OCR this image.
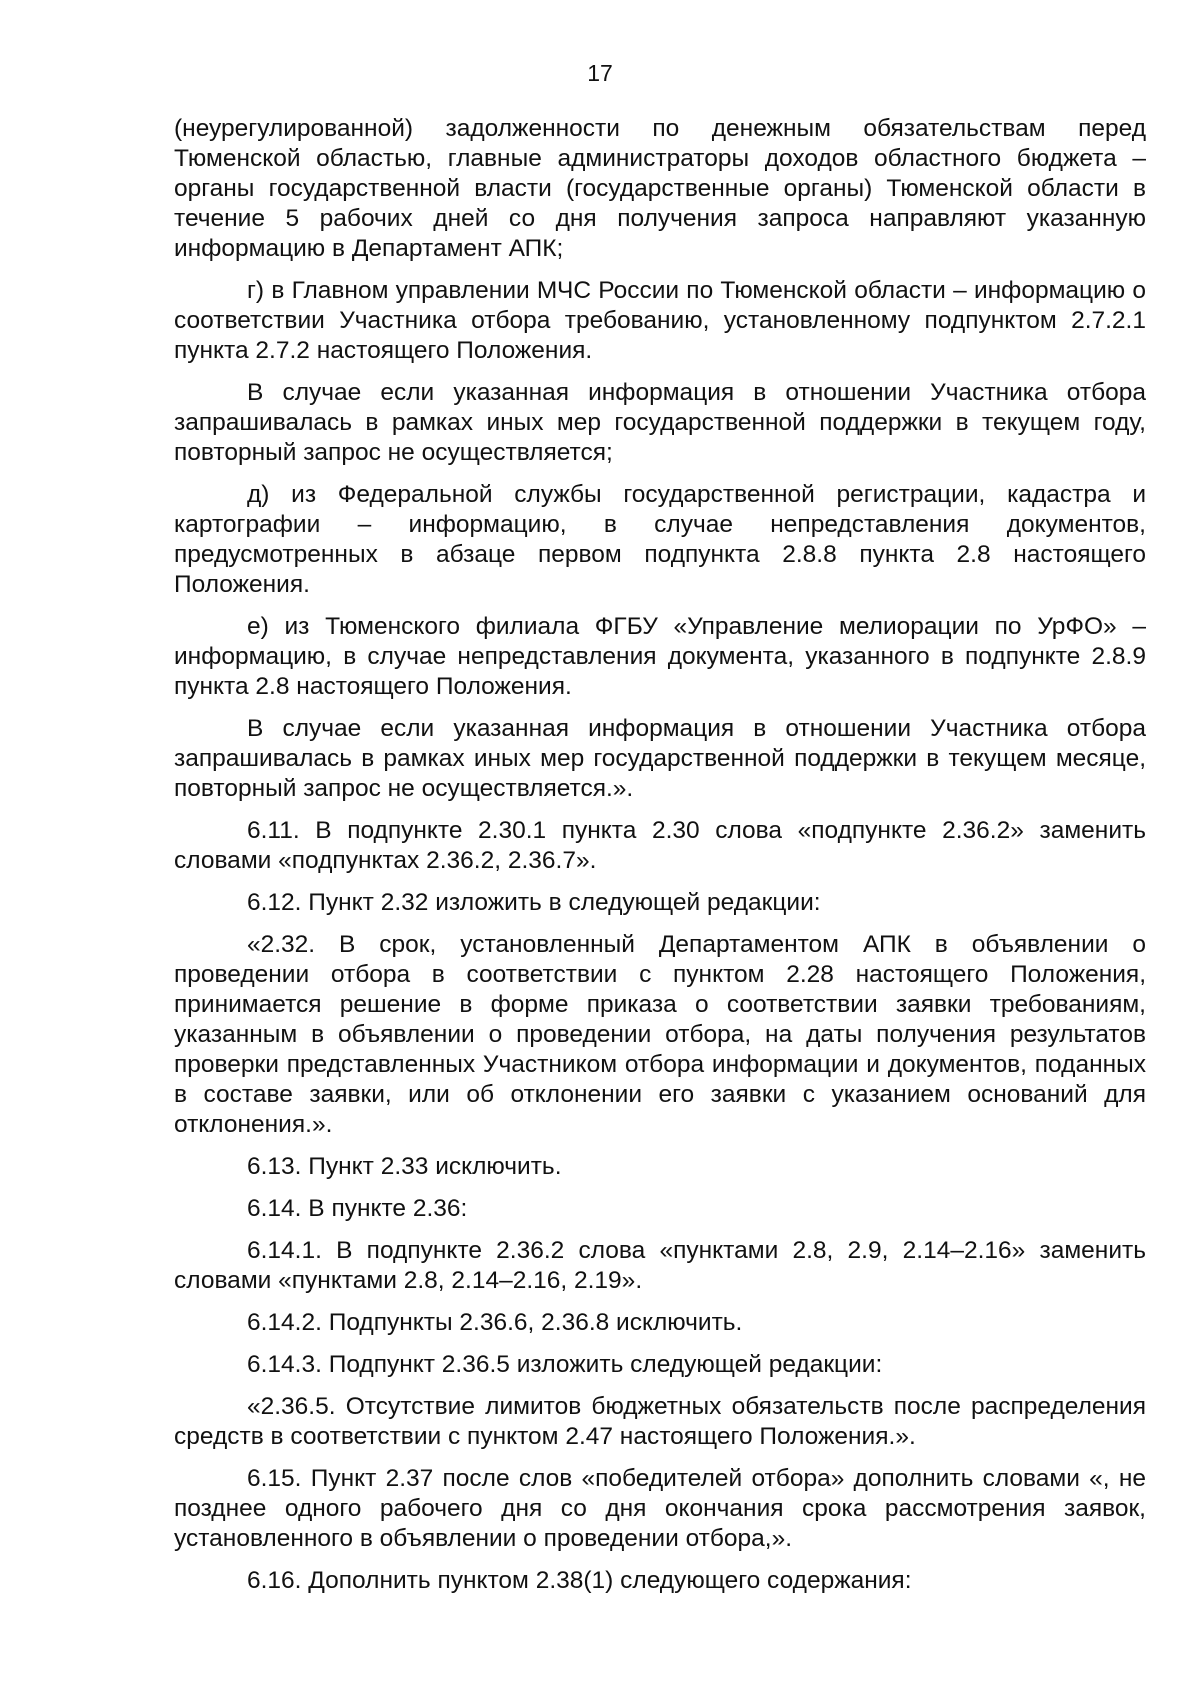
17

(неурегулированной) задолженности по денежным обязательствам перед Тюменской областью, главные администраторы доходов областного бюджета – органы государственной власти (государственные органы) Тюменской области в течение 5 рабочих дней со дня получения запроса направляют указанную информацию в Департамент АПК;

г) в Главном управлении МЧС России по Тюменской области – информацию о соответствии Участника отбора требованию, установленному подпунктом 2.7.2.1 пункта 2.7.2 настоящего Положения.

В случае если указанная информация в отношении Участника отбора запрашивалась в рамках иных мер государственной поддержки в текущем году, повторный запрос не осуществляется;

д) из Федеральной службы государственной регистрации, кадастра и картографии – информацию, в случае непредставления документов, предусмотренных в абзаце первом подпункта 2.8.8 пункта 2.8 настоящего Положения.

е) из Тюменского филиала ФГБУ «Управление мелиорации по УрФО» – информацию, в случае непредставления документа, указанного в подпункте 2.8.9 пункта 2.8 настоящего Положения.

В случае если указанная информация в отношении Участника отбора запрашивалась в рамках иных мер государственной поддержки в текущем месяце, повторный запрос не осуществляется.».

6.11. В подпункте 2.30.1 пункта 2.30 слова «подпункте 2.36.2» заменить словами «подпунктах 2.36.2, 2.36.7».

6.12. Пункт 2.32 изложить в следующей редакции:

«2.32. В срок, установленный Департаментом АПК в объявлении о проведении отбора в соответствии с пунктом 2.28 настоящего Положения, принимается решение в форме приказа о соответствии заявки требованиям, указанным в объявлении о проведении отбора, на даты получения результатов проверки представленных Участником отбора информации и документов, поданных в составе заявки, или об отклонении его заявки с указанием оснований для отклонения.».

6.13. Пункт 2.33 исключить.

6.14. В пункте 2.36:

6.14.1. В подпункте 2.36.2 слова «пунктами 2.8, 2.9, 2.14–2.16» заменить словами «пунктами 2.8, 2.14–2.16, 2.19».

6.14.2. Подпункты 2.36.6, 2.36.8 исключить.

6.14.3. Подпункт 2.36.5 изложить следующей редакции:

«2.36.5. Отсутствие лимитов бюджетных обязательств после распределения средств в соответствии с пунктом 2.47 настоящего Положения.».

6.15. Пункт 2.37 после слов «победителей отбора» дополнить словами «, не позднее одного рабочего дня со дня окончания срока рассмотрения заявок, установленного в объявлении о проведении отбора,».

6.16. Дополнить пунктом 2.38(1) следующего содержания:
